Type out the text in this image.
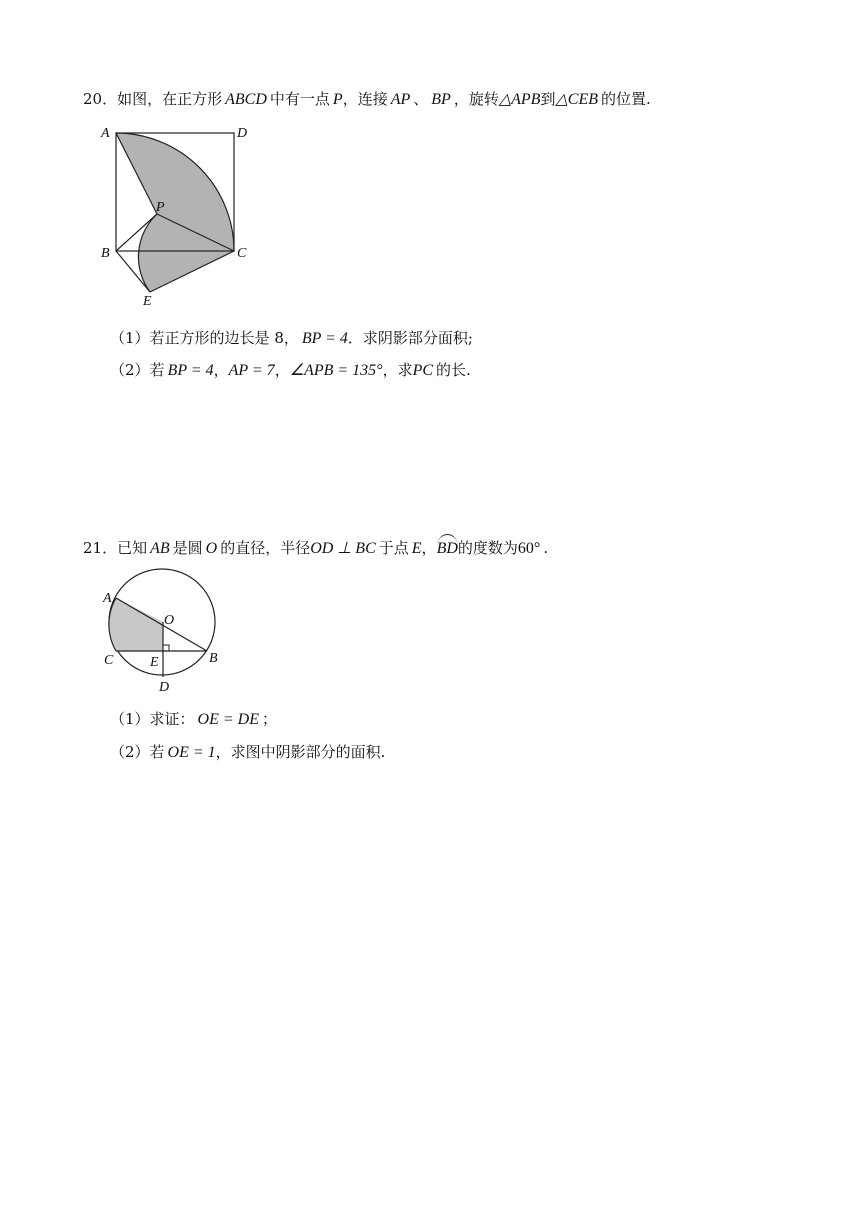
20．如图，在正方形 ABCD 中有一点 P，连接 AP 、 BP ，旋转△APB到△CEB 的位置.
A	D
P
B	C
E
A
O
C	E	B
D
（1）若正方形的边长是 8， BP = 4．求阴影部分面积;
（2）若 BP = 4，AP = 7，∠APB = 135°，求PC 的长.
21．已知 AB 是圆 O 的直径，半径OD ⊥ BC 于点 E，BD的度数为60° .
（1）求证： OE = DE ；
（2）若 OE = 1，求图中阴影部分的面积.
